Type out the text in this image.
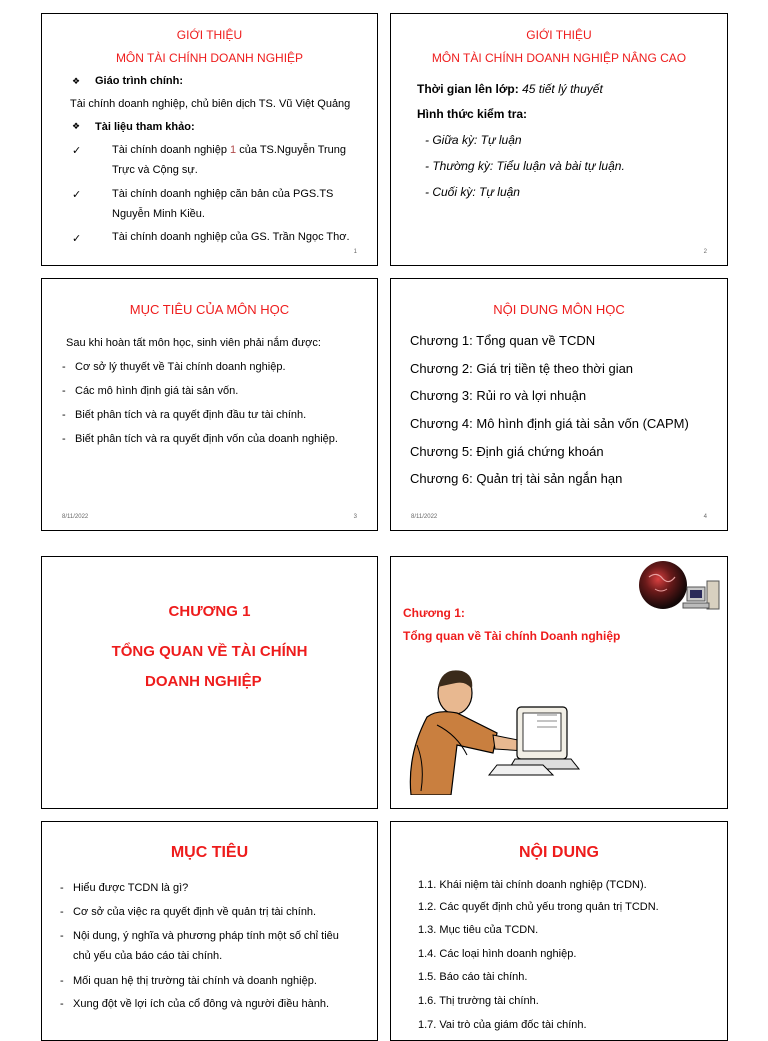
GIỚI THIỆU
MÔN TÀI CHÍNH DOANH NGHIỆP
❖ Giáo trình chính:
Tài chính doanh nghiệp, chủ biên dịch TS. Vũ Việt Quảng
❖ Tài liệu tham khảo:
✓	Tài chính doanh nghiệp 1 của TS.Nguyễn Trung
Trực và Cộng sự.
✓	Tài chính doanh nghiệp căn bản của PGS.TS
Nguyễn Minh Kiều.
✓	Tài chính doanh nghiệp của GS. Trần Ngọc Thơ.
1
GIỚI THIỆU
MÔN TÀI CHÍNH DOANH NGHIỆP NÂNG CAO
Thời gian lên lớp: 45 tiết lý thuyết
Hình thức kiểm tra:
- Giữa kỳ: Tự luận
- Thường kỳ: Tiểu luận và bài tự luận.
- Cuối kỳ: Tự luận
2
MỤC TIÊU CỦA MÔN HỌC
Sau khi hoàn tất môn học, sinh viên phải nắm được:
- Cơ sở lý thuyết về Tài chính doanh nghiệp.
- Các mô hình định giá tài sản vốn.
- Biết phân tích và ra quyết định đầu tư tài chính.
- Biết phân tích và ra quyết định vốn của doanh nghiệp.
8/11/2022	3
NỘI DUNG MÔN HỌC
Chương 1: Tổng quan về TCDN
Chương 2: Giá trị tiền tệ theo thời gian
Chương 3: Rủi ro và lợi nhuận
Chương 4: Mô hình định giá tài sản vốn (CAPM)
Chương 5: Định giá chứng khoán
Chương 6: Quản trị tài sản ngắn hạn
8/11/2022	4
CHƯƠNG 1
TỔNG QUAN VỀ TÀI CHÍNH
DOANH NGHIỆP
Chương 1:
Tổng quan về Tài chính Doanh nghiệp
MỤC TIÊU
- Hiểu được TCDN là gì?
- Cơ sở của việc ra quyết định về quản trị tài chính.
- Nội dung, ý nghĩa và phương pháp tính một số chỉ tiêu
chủ yếu của báo cáo tài chính.
- Mối quan hệ thị trường tài chính và doanh nghiệp.
- Xung đột về lợi ích của cổ đông và người điều hành.
NỘI DUNG
1.1. Khái niệm tài chính doanh nghiệp (TCDN).
1.2. Các quyết định chủ yếu trong quản trị TCDN.
1.3. Mục tiêu của TCDN.
1.4. Các loại hình doanh nghiệp.
1.5. Báo cáo tài chính.
1.6. Thị trường tài chính.
1.7. Vai trò của giám đốc tài chính.
